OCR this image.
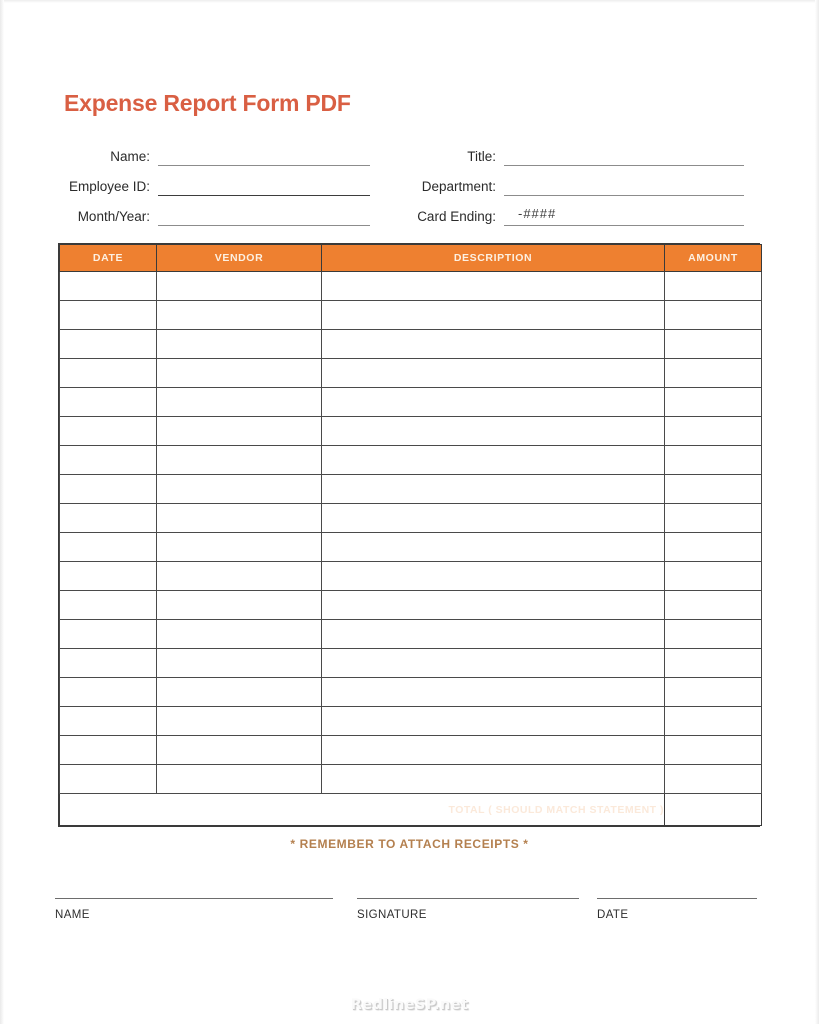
Expense Report Form PDF
Name:	Title:
Employee ID:	Department:
Month/Year:	Card Ending: -####
DATE	VENDOR	DESCRIPTION	AMOUNT

TOTAL ( SHOULD MATCH STATEMENT )			
* REMEMBER TO ATTACH RECEIPTS *
NAME	SIGNATURE	DATE
RedlineSP.net
